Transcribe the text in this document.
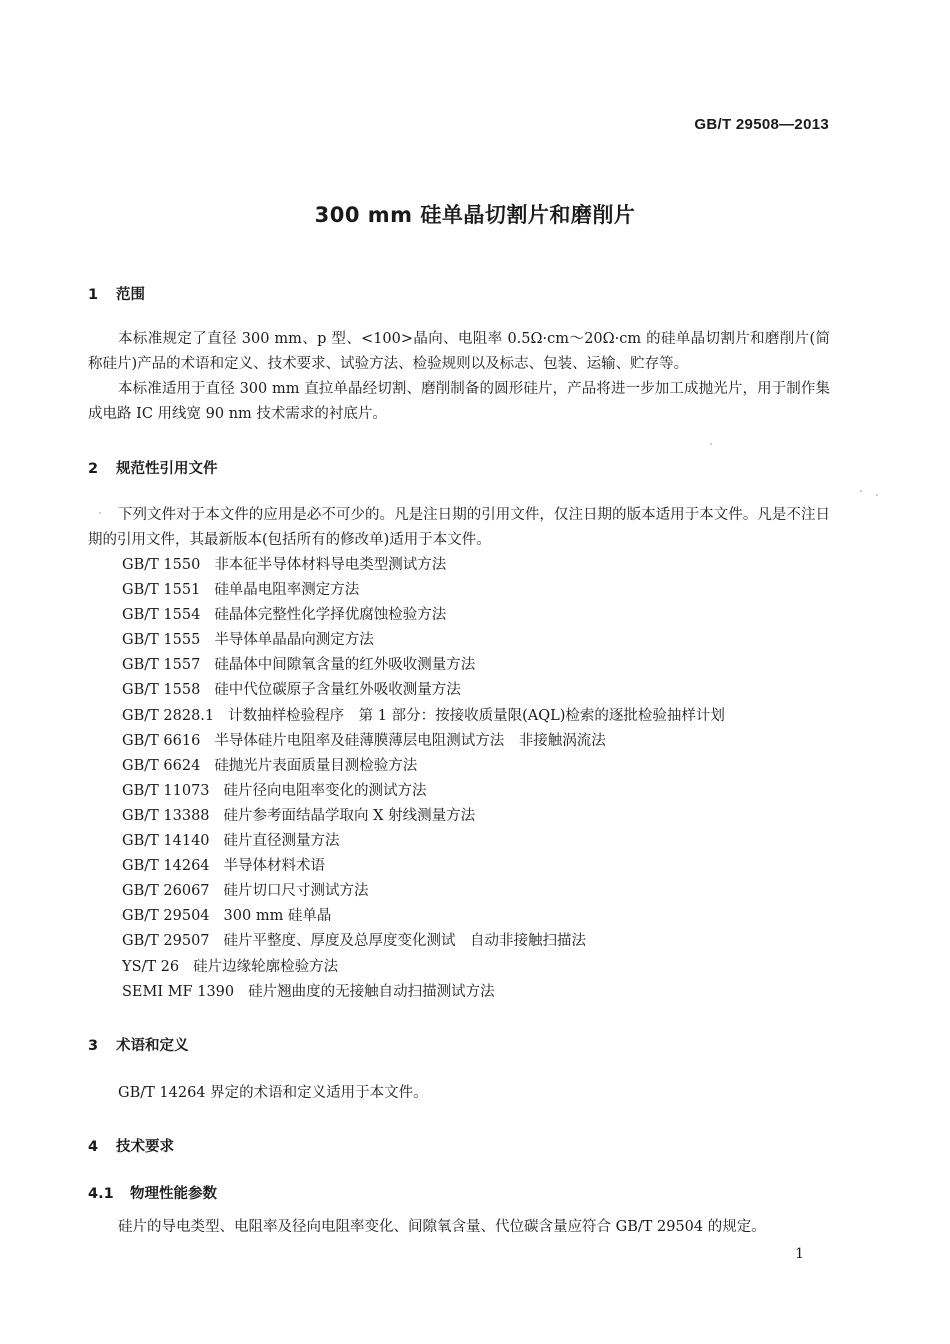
GB/T 29508—2013
300 mm 硅单晶切割片和磨削片
1 范围
本标准规定了直径 300 mm、p 型、<100>晶向、电阻率 0.5Ω·cm～20Ω·cm 的硅单晶切割片和磨削片(简称硅片)产品的术语和定义、技术要求、试验方法、检验规则以及标志、包装、运输、贮存等。
本标准适用于直径 300 mm 直拉单晶经切割、磨削制备的圆形硅片，产品将进一步加工成抛光片，用于制作集成电路 IC 用线宽 90 nm 技术需求的衬底片。
2 规范性引用文件
下列文件对于本文件的应用是必不可少的。凡是注日期的引用文件，仅注日期的版本适用于本文件。凡是不注日期的引用文件，其最新版本(包括所有的修改单)适用于本文件。
GB/T 1550 非本征半导体材料导电类型测试方法
GB/T 1551 硅单晶电阻率测定方法
GB/T 1554 硅晶体完整性化学择优腐蚀检验方法
GB/T 1555 半导体单晶晶向测定方法
GB/T 1557 硅晶体中间隙氧含量的红外吸收测量方法
GB/T 1558 硅中代位碳原子含量红外吸收测量方法
GB/T 2828.1 计数抽样检验程序　第 1 部分：按接收质量限(AQL)检索的逐批检验抽样计划
GB/T 6616 半导体硅片电阻率及硅薄膜薄层电阻测试方法　非接触涡流法
GB/T 6624 硅抛光片表面质量目测检验方法
GB/T 11073 硅片径向电阻率变化的测试方法
GB/T 13388 硅片参考面结晶学取向 X 射线测量方法
GB/T 14140 硅片直径测量方法
GB/T 14264 半导体材料术语
GB/T 26067 硅片切口尺寸测试方法
GB/T 29504 300 mm 硅单晶
GB/T 29507 硅片平整度、厚度及总厚度变化测试　自动非接触扫描法
YS/T 26 硅片边缘轮廓检验方法
SEMI MF 1390 硅片翘曲度的无接触自动扫描测试方法
3 术语和定义
GB/T 14264 界定的术语和定义适用于本文件。
4 技术要求
4.1 物理性能参数
硅片的导电类型、电阻率及径向电阻率变化、间隙氧含量、代位碳含量应符合 GB/T 29504 的规定。
1
